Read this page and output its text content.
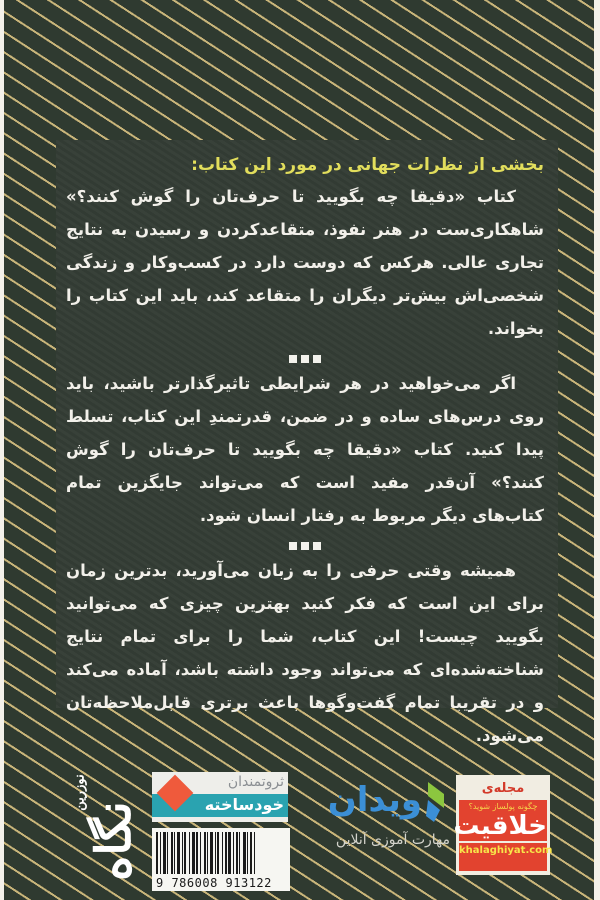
بخشی از نظرات جهانی در مورد این کتاب:

کتاب «دقیقا چه بگویید تا حرف‌تان را گوش کنند؟» شاهکاری‌ست در هنر نفوذ، متقاعدکردن و رسیدن به نتایج تجاری عالی. هرکس که دوست دارد در کسب‌وکار و زندگی شخصی‌اش بیش‌تر دیگران را متقاعد کند، باید این کتاب را بخواند.

اگر می‌خواهید در هر شرایطی تاثیرگذارتر باشید، باید روی درس‌های ساده و در ضمن، قدرتمندِ این کتاب، تسلط پیدا کنید. کتاب «دقیقا چه بگویید تا حرف‌تان را گوش کنند؟» آن‌قدر مفید است که می‌تواند جایگزین تمام کتاب‌های دیگر مربوط به رفتار انسان شود.

همیشه وقتی حرفی را به زبان می‌آورید، بدترین زمان برای این است که فکر کنید بهترین چیزی که می‌توانید بگویید چیست! این کتاب، شما را برای تمام نتایج شناخته‌شده‌ای که می‌تواند وجود داشته باشد، آماده می‌کند و در تقریبا تمام گفت‌وگوها باعث برتری قابل‌ملاحظه‌تان می‌شود.

نوزرین
نگاه
ثروتمندان
خودساخته
9 786008 913122
ویدان
مهارت آموزی آنلاین
مجله‌ی
چگونه پولساز شوید؟
خلاقیت
khalaghiyat.com
